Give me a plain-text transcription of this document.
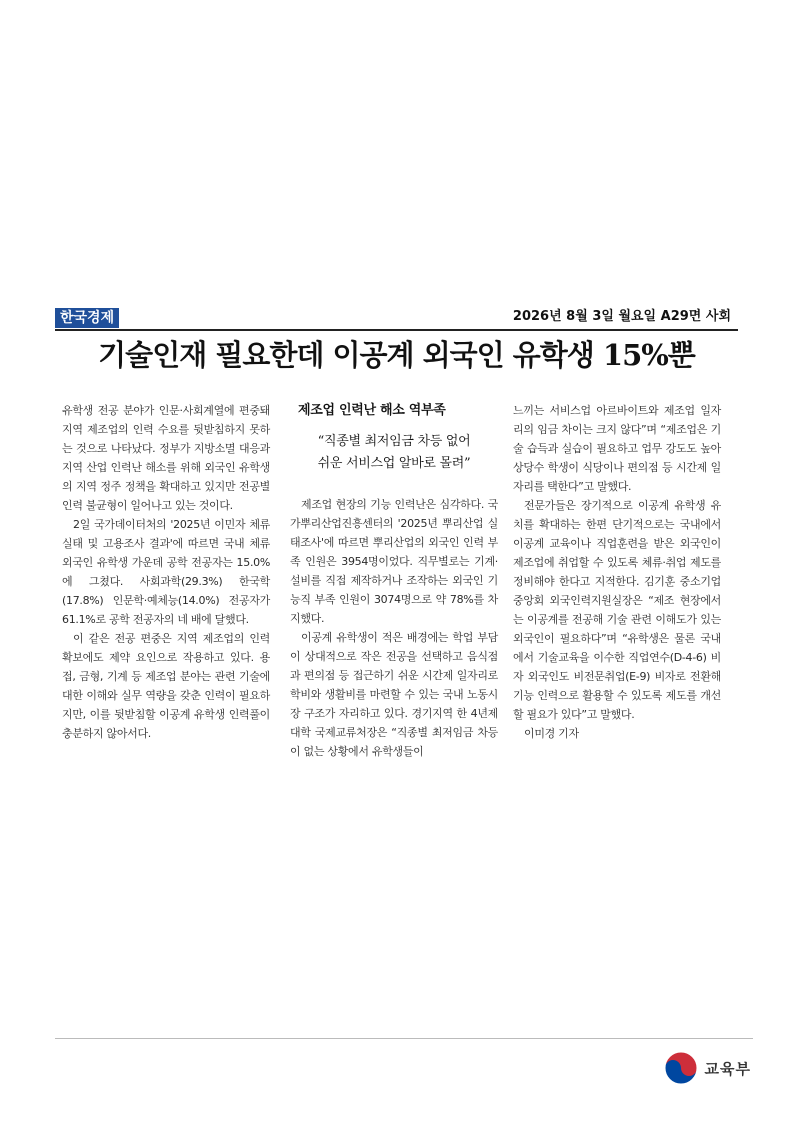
한국경제	2026년 8월 3일 월요일 A29면 사회
기술인재 필요한데 이공계 외국인 유학생 15%뿐

유학생 전공 분야가 인문·사회계열에 편중돼 지역 제조업의 인력 수요를 뒷받침하지 못하는 것으로 나타났다. 정부가 지방소멸 대응과 지역 산업 인력난 해소를 위해 외국인 유학생의 지역 정주 정책을 확대하고 있지만 전공별 인력 불균형이 일어나고 있는 것이다.

2일 국가데이터처의 '2025년 이민자 체류실태 및 고용조사 결과'에 따르면 국내 체류 외국인 유학생 가운데 공학 전공자는 15.0%에 그쳤다. 사회과학(29.3%) 한국학(17.8%) 인문학·예체능(14.0%) 전공자가 61.1%로 공학 전공자의 네 배에 달했다.

이 같은 전공 편중은 지역 제조업의 인력 확보에도 제약 요인으로 작용하고 있다. 용접, 금형, 기계 등 제조업 분야는 관련 기술에 대한 이해와 실무 역량을 갖춘 인력이 필요하지만, 이를 뒷받침할 이공계 유학생 인력풀이 충분하지 않아서다.

제조업 인력난 해소 역부족
“직종별 최저임금 차등 없어
쉬운 서비스업 알바로 몰려”

제조업 현장의 기능 인력난은 심각하다. 국가뿌리산업진흥센터의 '2025년 뿌리산업 실태조사'에 따르면 뿌리산업의 외국인 인력 부족 인원은 3954명이었다. 직무별로는 기계·설비를 직접 제작하거나 조작하는 외국인 기능직 부족 인원이 3074명으로 약 78%를 차지했다.

이공계 유학생이 적은 배경에는 학업 부담이 상대적으로 작은 전공을 선택하고 음식점과 편의점 등 접근하기 쉬운 시간제 일자리로 학비와 생활비를 마련할 수 있는 국내 노동시장 구조가 자리하고 있다. 경기지역 한 4년제 대학 국제교류처장은 “직종별 최저임금 차등이 없는 상황에서 유학생들이

느끼는 서비스업 아르바이트와 제조업 일자리의 임금 차이는 크지 않다”며 “제조업은 기술 습득과 실습이 필요하고 업무 강도도 높아 상당수 학생이 식당이나 편의점 등 시간제 일자리를 택한다”고 말했다.

전문가들은 장기적으로 이공계 유학생 유치를 확대하는 한편 단기적으로는 국내에서 이공계 교육이나 직업훈련을 받은 외국인이 제조업에 취업할 수 있도록 체류·취업 제도를 정비해야 한다고 지적한다. 김기훈 중소기업중앙회 외국인력지원실장은 “제조 현장에서는 이공계를 전공해 기술 관련 이해도가 있는 외국인이 필요하다”며 “유학생은 물론 국내에서 기술교육을 이수한 직업연수(D-4-6) 비자 외국인도 비전문취업(E-9) 비자로 전환해 기능 인력으로 활용할 수 있도록 제도를 개선할 필요가 있다”고 말했다.

이미경 기자

교육부
